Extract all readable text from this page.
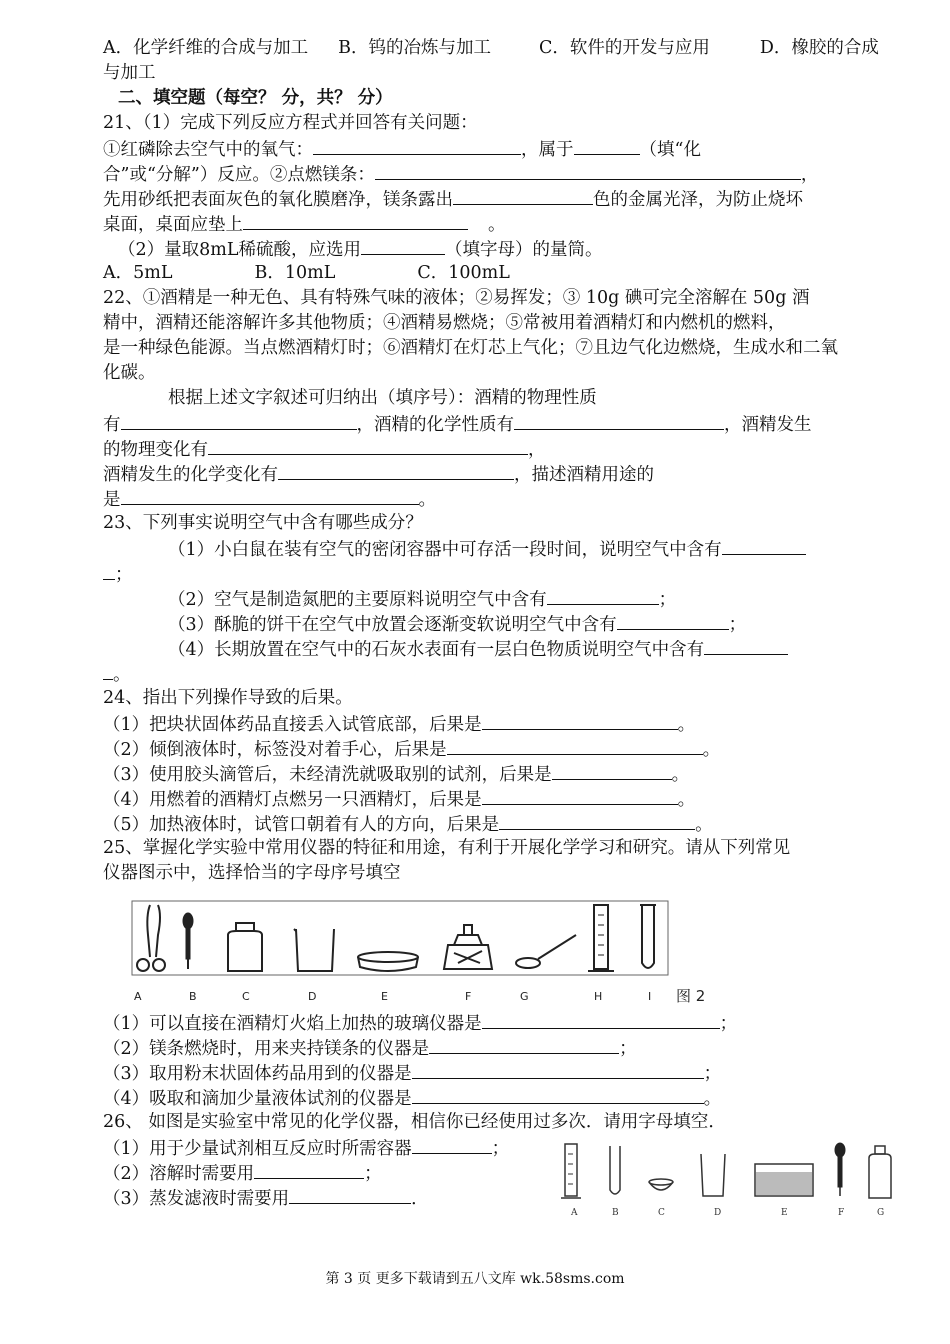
A．化学纤维的合成与加工 B．钨的冶炼与加工	C．软件的开发与应用	D．橡胶的合成
与加工
二、填空题（每空？ 分，共？ 分）
21、（1）完成下列反应方程式并回答有关问题：
①红磷除去空气中的氧气：	，属于	（填“化
合”或“分解”）反应。②点燃镁条：	，
先用砂纸把表面灰色的氧化膜磨净，镁条露出	色的金属光泽，为防止烧坏
桌面，桌面应垫上	。
（2）量取8mL稀硫酸，应选用	（填字母）的量筒。
A．5mL	B．10mL	C．100mL
22、①酒精是一种无色、具有特殊气味的液体；②易挥发；③ 10g 碘可完全溶解在 50g 酒
精中，酒精还能溶解许多其他物质；④酒精易燃烧；⑤常被用着酒精灯和内燃机的燃料，
是一种绿色能源。当点燃酒精灯时；⑥酒精灯在灯芯上气化；⑦且边气化边燃烧，生成水和二氧
化碳。
根据上述文字叙述可归纳出（填序号）：酒精的物理性质
有	，酒精的化学性质有	，酒精发生
的物理变化有	，
酒精发生的化学变化有	，描述酒精用途的
是	。
23、下列事实说明空气中含有哪些成分？
（1）小白鼠在装有空气的密闭容器中可存活一段时间，说明空气中含有
；
（2）空气是制造氮肥的主要原料说明空气中含有	；
（3）酥脆的饼干在空气中放置会逐渐变软说明空气中含有	；
（4）长期放置在空气中的石灰水表面有一层白色物质说明空气中含有
。
24、指出下列操作导致的后果。
（1）把块状固体药品直接丢入试管底部，后果是	。
（2）倾倒液体时，标签没对着手心，后果是	。
（3）使用胶头滴管后，未经清洗就吸取别的试剂，后果是	。
（4）用燃着的酒精灯点燃另一只酒精灯，后果是	。
（5）加热液体时，试管口朝着有人的方向，后果是	。
25、掌握化学实验中常用仪器的特征和用途，有利于开展化学学习和研究。请从下列常见
仪器图示中，选择恰当的字母序号填空
A	B	C	D	E	F	G	H	I 图 2
（1）可以直接在酒精灯火焰上加热的玻璃仪器是	；
（2）镁条燃烧时，用来夹持镁条的仪器是	；
（3）取用粉末状固体药品用到的仪器是	；
（4）吸取和滴加少量液体试剂的仪器是	。
26、 如图是实验室中常见的化学仪器，相信你已经使用过多次．请用字母填空．
（1）用于少量试剂相互反应时所需容器	；
（2）溶解时需要用	；
（3）蒸发滤液时需要用	．
A	B	C	D	E	F	G
第 3 页 更多下载请到五八文库 wk.58sms.com
